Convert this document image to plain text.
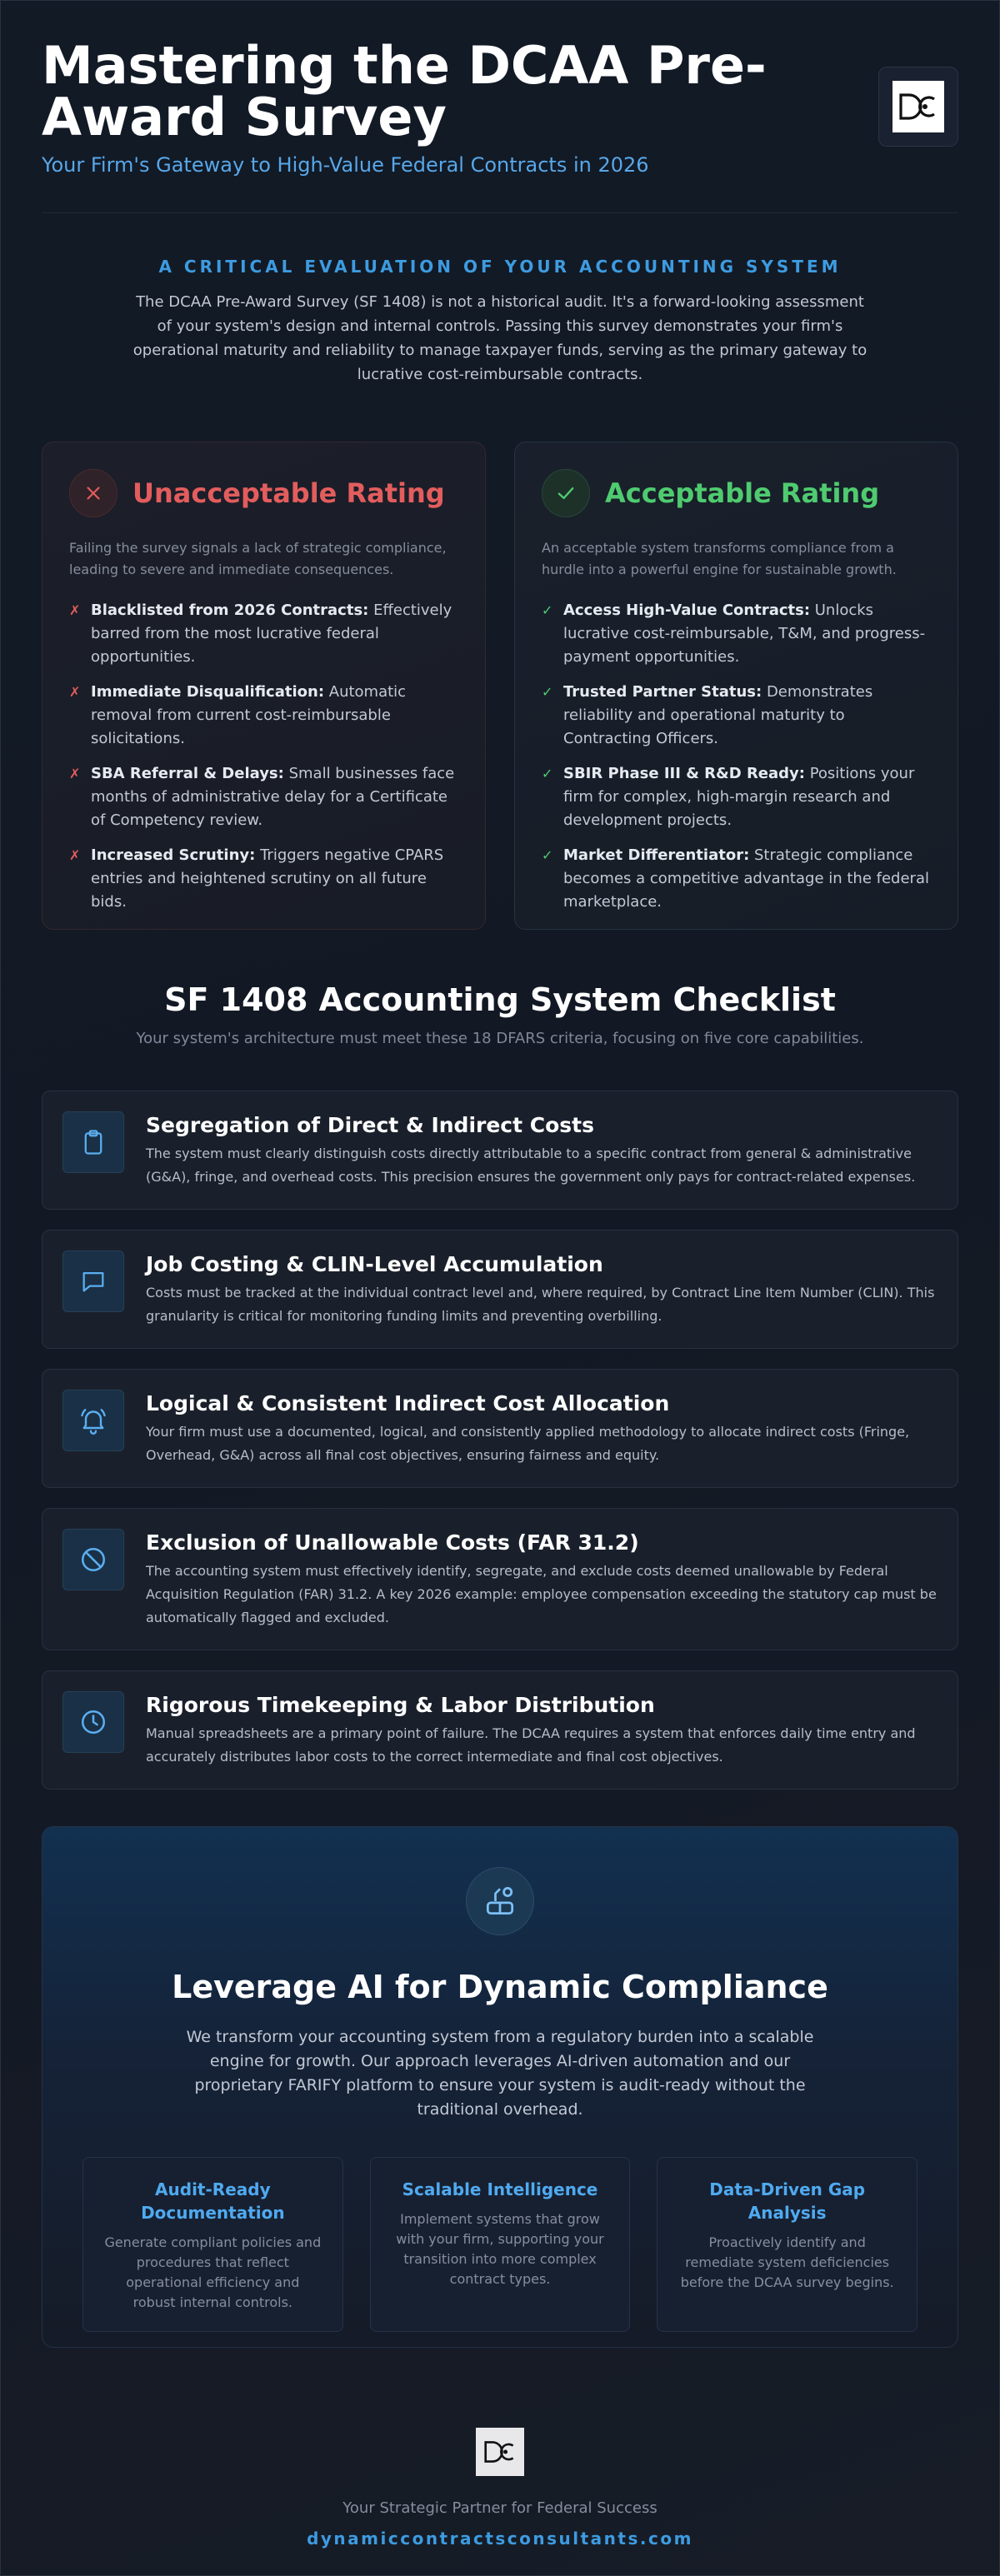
Mastering the DCAA Pre-Award Survey
Your Firm's Gateway to High-Value Federal Contracts in 2026
A CRITICAL EVALUATION OF YOUR ACCOUNTING SYSTEM

The DCAA Pre-Award Survey (SF 1408) is not a historical audit. It's a forward-looking assessment of your system's design and internal controls. Passing this survey demonstrates your firm's operational maturity and reliability to manage taxpayer funds, serving as the primary gateway to lucrative cost-reimbursable contracts.

Unacceptable Rating

Failing the survey signals a lack of strategic compliance, leading to severe and immediate consequences.

✗ Blacklisted from 2026 Contracts: Effectively barred from the most lucrative federal opportunities.
✗ Immediate Disqualification: Automatic removal from current cost-reimbursable solicitations.
✗ SBA Referral & Delays: Small businesses face months of administrative delay for a Certificate of Competency review.
✗ Increased Scrutiny: Triggers negative CPARS entries and heightened scrutiny on all future bids.
Acceptable Rating

An acceptable system transforms compliance from a hurdle into a powerful engine for sustainable growth.

✓ Access High-Value Contracts: Unlocks lucrative cost-reimbursable, T&M, and progress-payment opportunities.
✓ Trusted Partner Status: Demonstrates reliability and operational maturity to Contracting Officers.
✓ SBIR Phase III & R&D Ready: Positions your firm for complex, high-margin research and development projects.
✓ Market Differentiator: Strategic compliance becomes a competitive advantage in the federal marketplace.
SF 1408 Accounting System Checklist

Your system's architecture must meet these 18 DFARS criteria, focusing on five core capabilities.

Segregation of Direct & Indirect Costs

The system must clearly distinguish costs directly attributable to a specific contract from general & administrative (G&A), fringe, and overhead costs. This precision ensures the government only pays for contract-related expenses.

Job Costing & CLIN-Level Accumulation

Costs must be tracked at the individual contract level and, where required, by Contract Line Item Number (CLIN). This granularity is critical for monitoring funding limits and preventing overbilling.

Logical & Consistent Indirect Cost Allocation

Your firm must use a documented, logical, and consistently applied methodology to allocate indirect costs (Fringe, Overhead, G&A) across all final cost objectives, ensuring fairness and equity.

Exclusion of Unallowable Costs (FAR 31.2)

The accounting system must effectively identify, segregate, and exclude costs deemed unallowable by Federal Acquisition Regulation (FAR) 31.2. A key 2026 example: employee compensation exceeding the statutory cap must be automatically flagged and excluded.

Rigorous Timekeeping & Labor Distribution

Manual spreadsheets are a primary point of failure. The DCAA requires a system that enforces daily time entry and accurately distributes labor costs to the correct intermediate and final cost objectives.

Leverage AI for Dynamic Compliance

We transform your accounting system from a regulatory burden into a scalable engine for growth. Our approach leverages AI-driven automation and our proprietary FARIFY platform to ensure your system is audit-ready without the traditional overhead.

Audit-Ready Documentation

Generate compliant policies and procedures that reflect operational efficiency and robust internal controls.

Scalable Intelligence

Implement systems that grow with your firm, supporting your transition into more complex contract types.

Data-Driven Gap Analysis

Proactively identify and remediate system deficiencies before the DCAA survey begins.

Your Strategic Partner for Federal Success

dynamiccontractsconsultants.com
